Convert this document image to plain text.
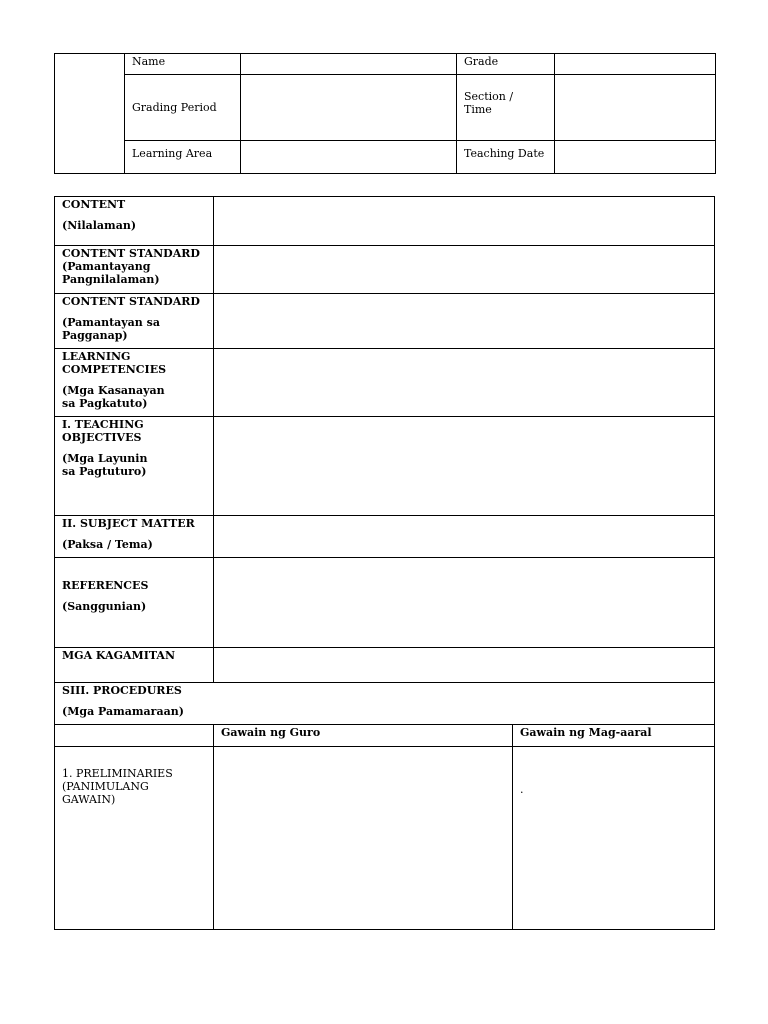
	Name		Grade	
	Grading Period		Section /
Time	

	Learning Area		Teaching Date	

CONTENT

(Nilalaman)		

CONTENT STANDARD
(Pamantayang
Pangnilalaman)		

CONTENT STANDARD

(Pamantayan sa
Pagganap)		

LEARNING
COMPETENCIES

(Mga Kasanayan
sa Pagkatuto)		

I. TEACHING
OBJECTIVES

(Mga Layunin
sa Pagtuturo)		

II. SUBJECT MATTER

(Paksa / Tema)		

REFERENCES

(Sanggunian)		

MGA KAGAMITAN		

SIII. PROCEDURES

(Mga Pamamaraan)		

	Gawain ng Guro	Gawain ng Mag-aaral

1. PRELIMINARIES
(PANIMULANG
GAWAIN)		.
